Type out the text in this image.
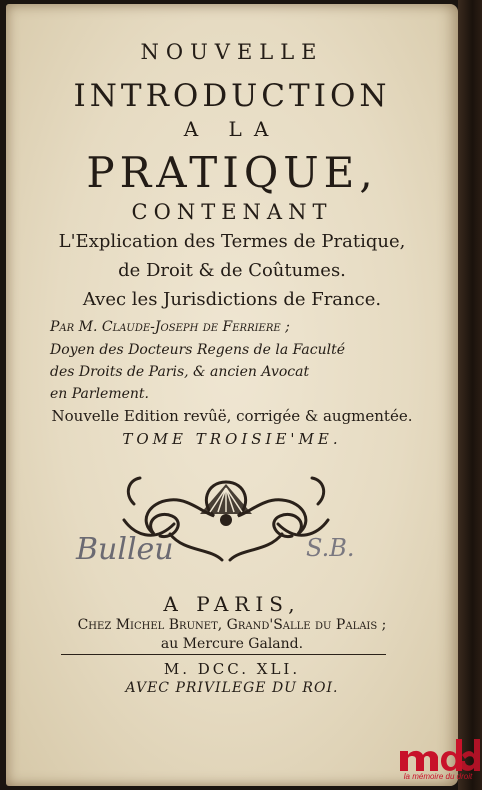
NOUVELLE
INTRODUCTION
A LA
PRATIQUE,
CONTENANT
L'Explication des Termes de Pratique,
de Droit & de Coûtumes.
Avec les Jurisdictions de France.
Par M. Claude-Joseph de Ferriere ;
Doyen des Docteurs Regens de la Faculté
des Droits de Paris, & ancien Avocat
en Parlement.
Nouvelle Edition revûë, corrigée & augmentée.
TOME TROISIE'ME.
Bulleu	S.B.
A PARIS,
Chez Michel Brunet, Grand'Salle du Palais ;
au Mercure Galand.
M. DCC. XLI.
AVEC PRIVILEGE DU ROI.
la mémoire du droit
